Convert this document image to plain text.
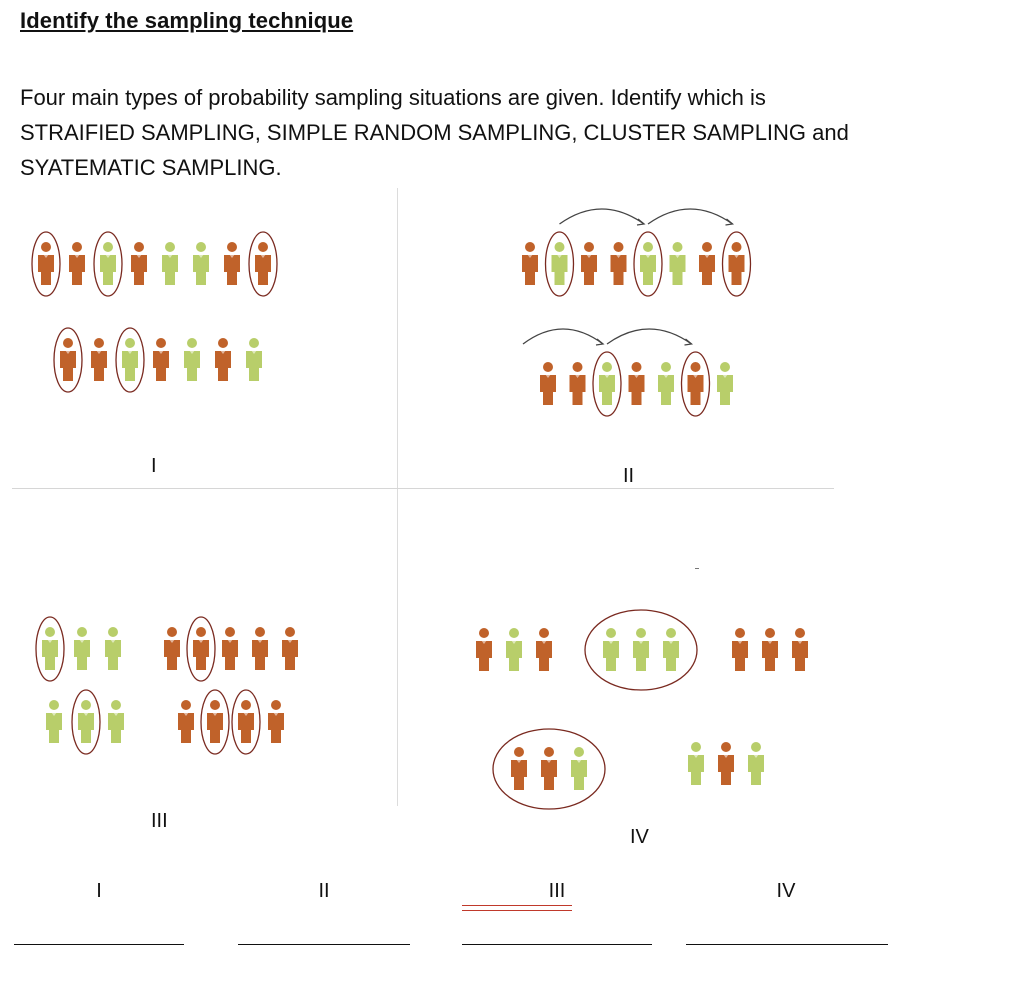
Identify the sampling technique

Four main types of probability sampling situations are given. Identify which is

STRAIFIED SAMPLING, SIMPLE RANDOM SAMPLING, CLUSTER SAMPLING and

SYATEMATIC SAMPLING.

I	II
III
IV
I	II	III	IV
